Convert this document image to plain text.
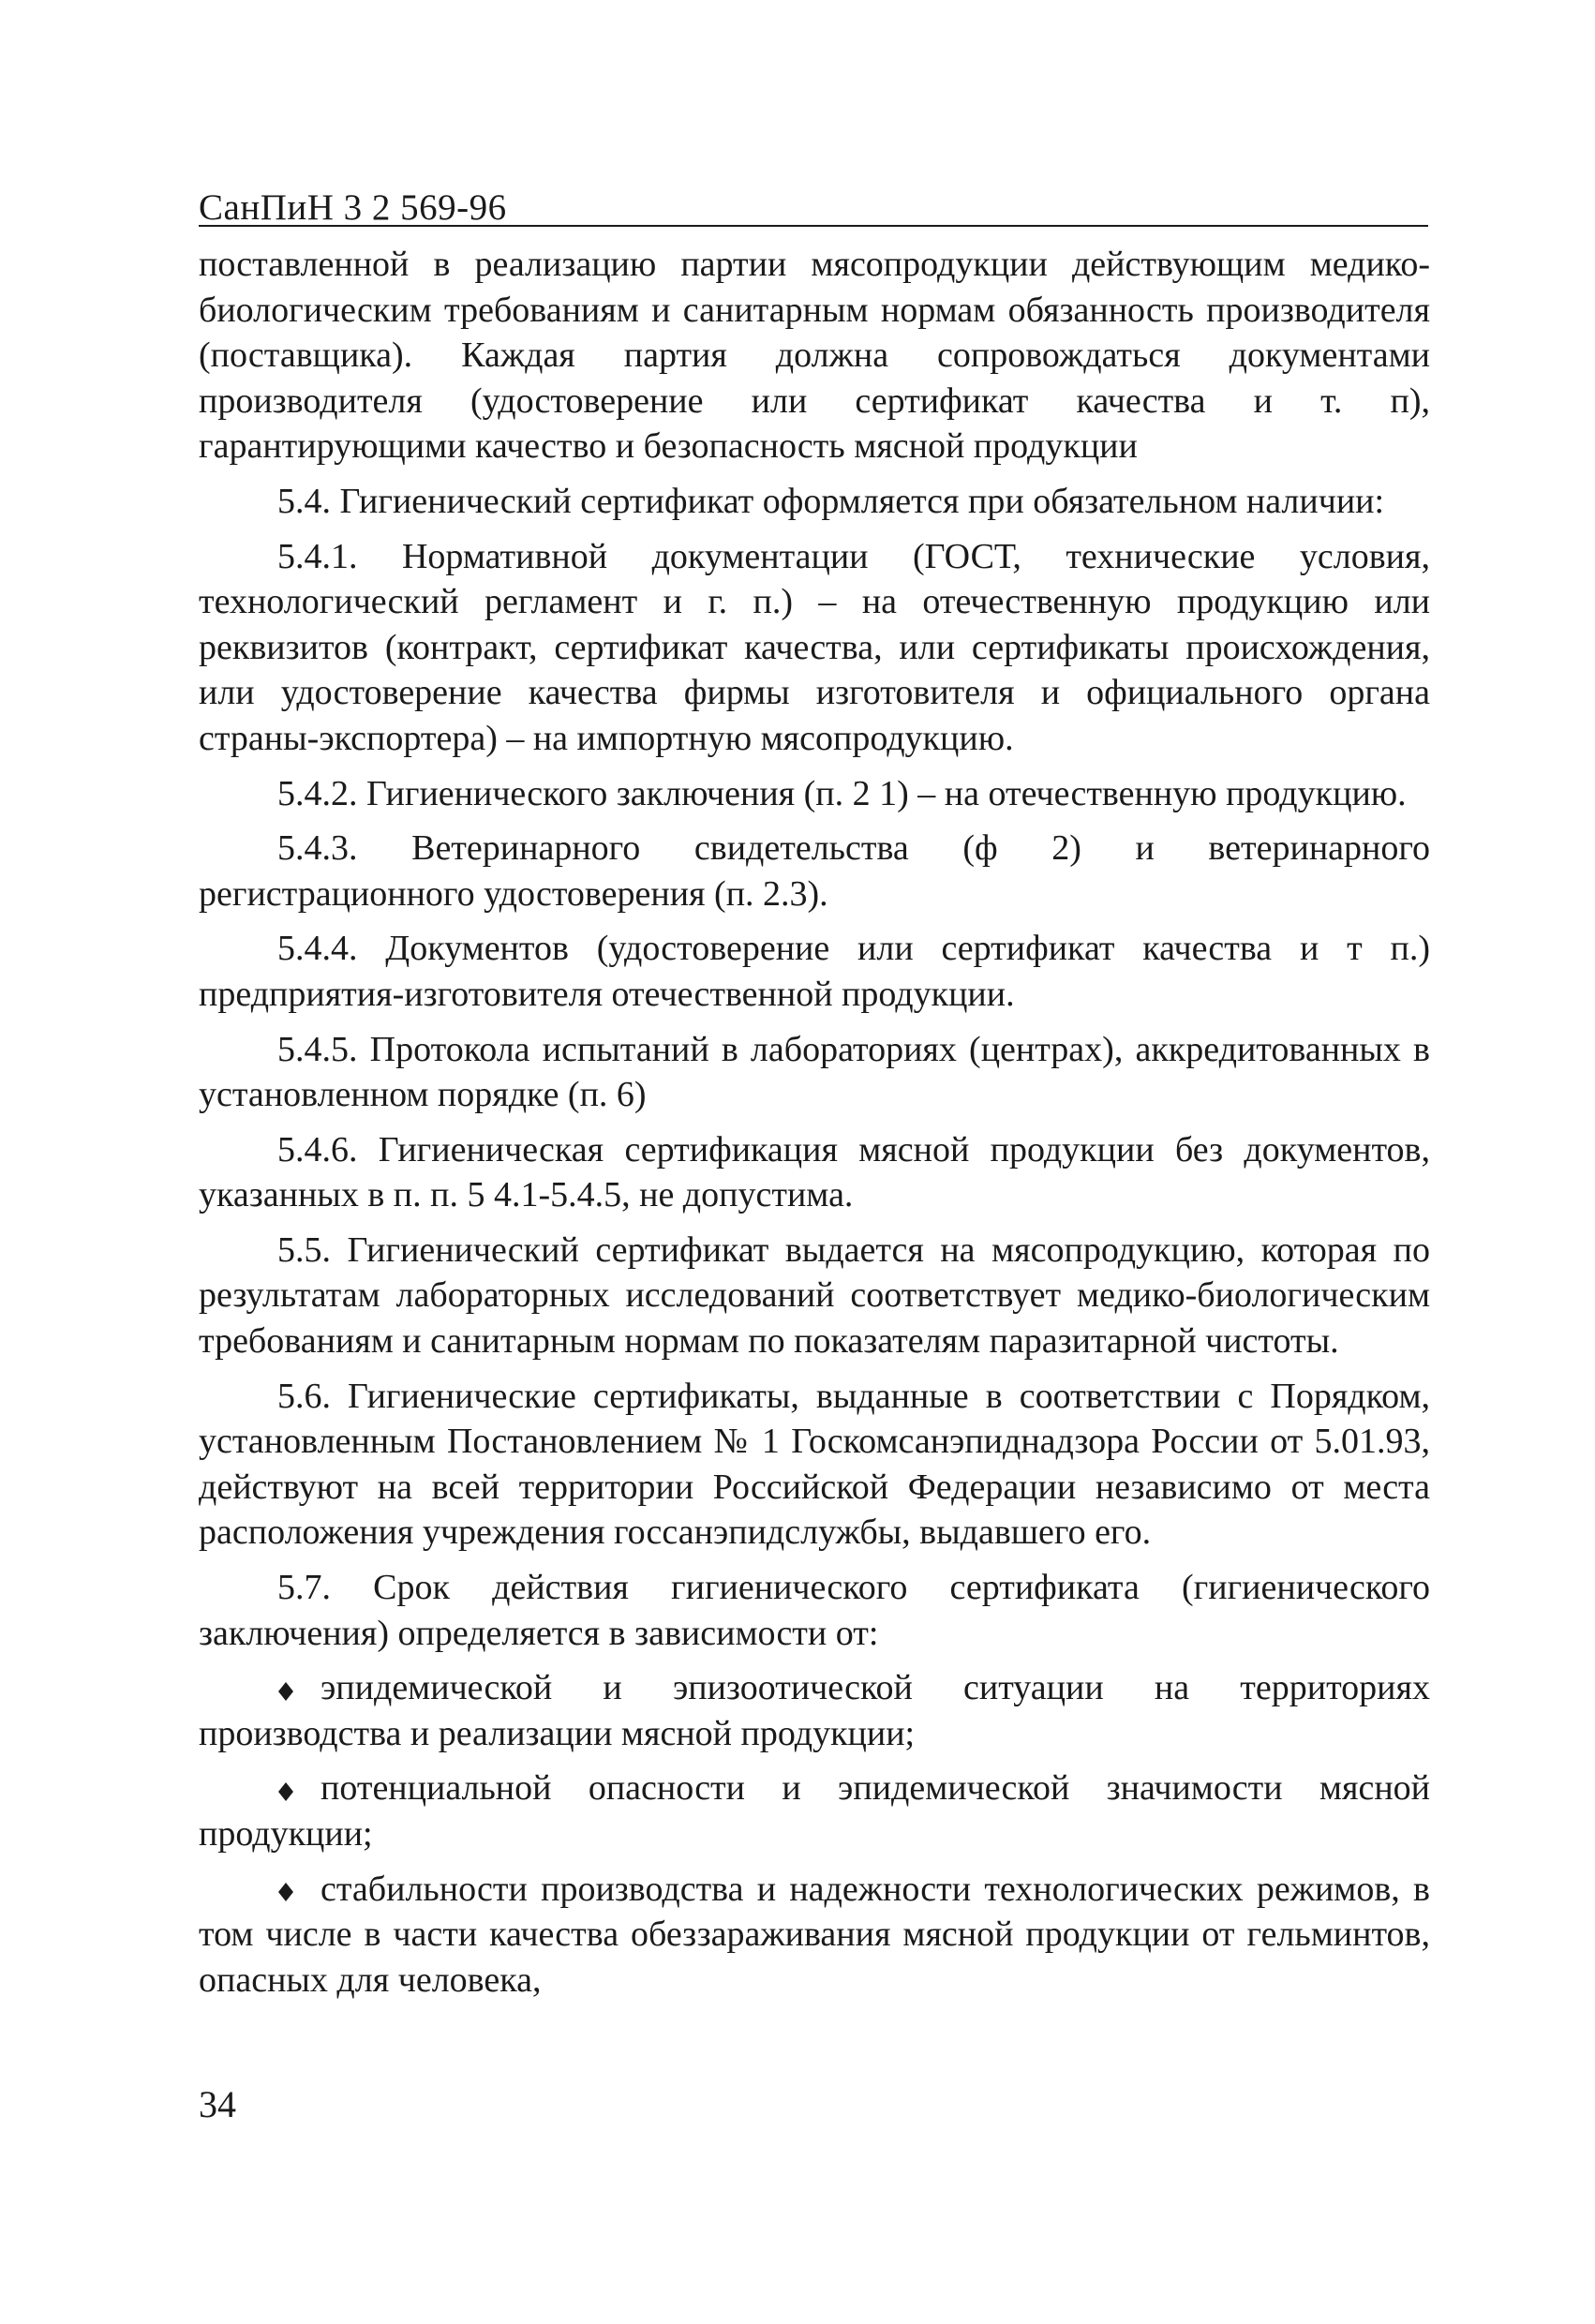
СанПиН 3 2 569-96

поставленной в реализацию партии мясопродукции действующим медико-биологическим требованиям и санитарным нормам обязанность производителя (поставщика). Каждая партия должна сопровождаться документами производителя (удостоверение или сертификат качества и т. п), гарантирующими качество и безопасность мясной продукции

5.4. Гигиенический сертификат оформляется при обязательном наличии:

5.4.1. Нормативной документации (ГОСТ, технические условия, технологический регламент и г. п.) – на отечественную продукцию или реквизитов (контракт, сертификат качества, или сертификаты происхождения, или удостоверение качества фирмы изготовителя и официального органа страны-экспортера) – на импортную мясопродукцию.

5.4.2. Гигиенического заключения (п. 2 1) – на отечественную продукцию.

5.4.3. Ветеринарного свидетельства (ф 2) и ветеринарного регистрационного удостоверения (п. 2.3).

5.4.4. Документов (удостоверение или сертификат качества и т п.) предприятия-изготовителя отечественной продукции.

5.4.5. Протокола испытаний в лабораториях (центрах), аккредитованных в установленном порядке (п. 6)

5.4.6. Гигиеническая сертификация мясной продукции без документов, указанных в п. п. 5 4.1-5.4.5, не допустима.

5.5. Гигиенический сертификат выдается на мясопродукцию, которая по результатам лабораторных исследований соответствует медико-биологическим требованиям и санитарным нормам по показателям паразитарной чистоты.

5.6. Гигиенические сертификаты, выданные в соответствии с Порядком, установленным Постановлением № 1 Госкомсанэпиднадзора России от 5.01.93, действуют на всей территории Российской Федерации независимо от места расположения учреждения госсанэпидслужбы, выдавшего его.

5.7. Срок действия гигиенического сертификата (гигиенического заключения) определяется в зависимости от:

эпидемической и эпизоотической ситуации на территориях производства и реализации мясной продукции;

потенциальной опасности и эпидемической значимости мясной продукции;

стабильности производства и надежности технологических режимов, в том числе в части качества обеззараживания мясной продукции от гельминтов, опасных для человека,

34
